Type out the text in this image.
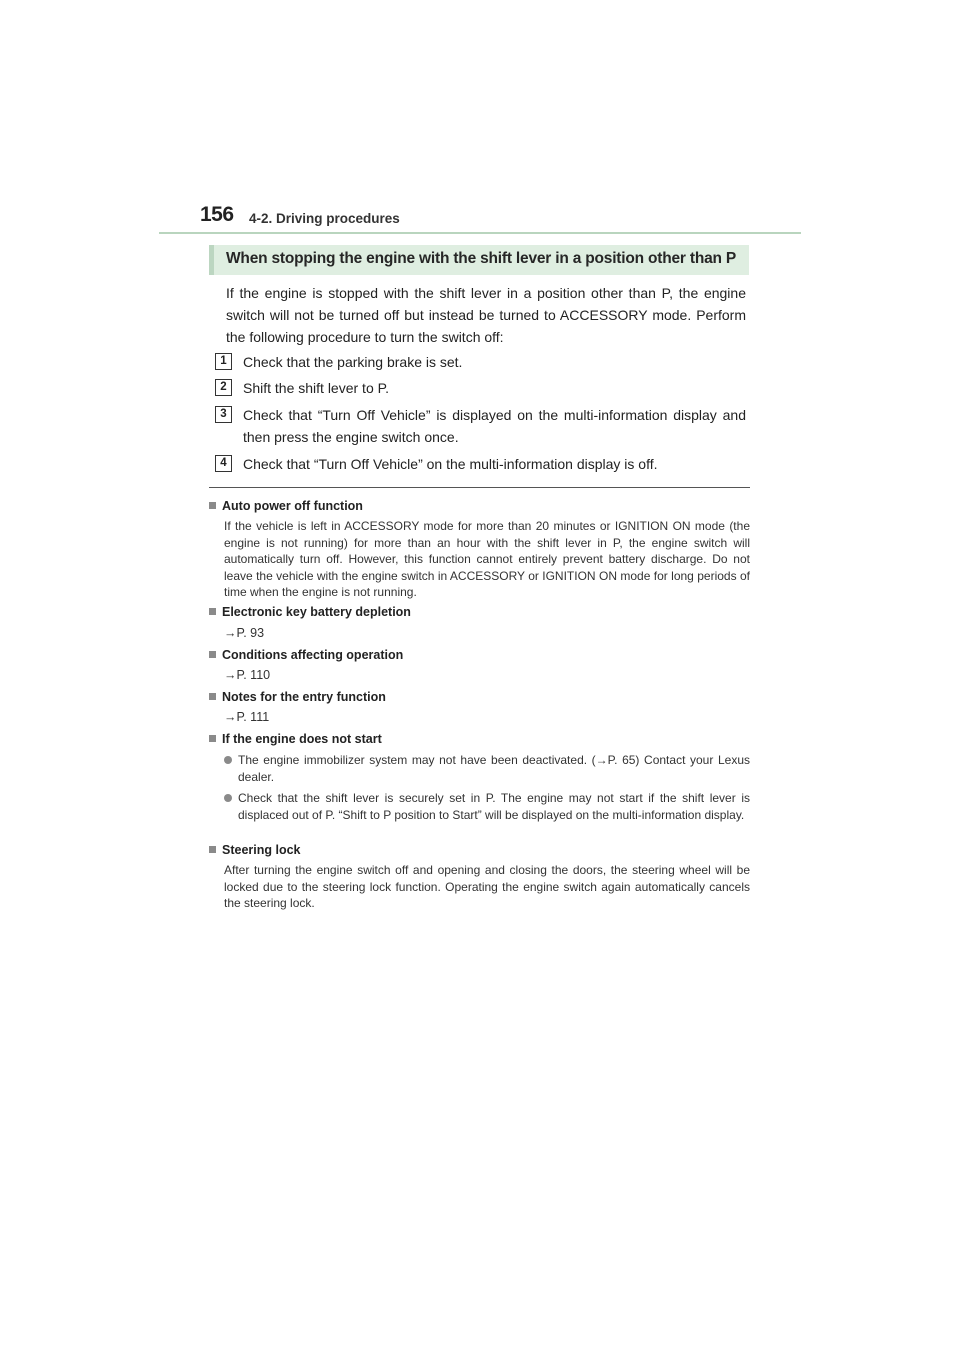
156 4-2. Driving procedures
When stopping the engine with the shift lever in a position other than P

If the engine is stopped with the shift lever in a position other than P, the engine switch will not be turned off but instead be turned to ACCESSORY mode. Perform the following procedure to turn the switch off:

1	Check that the parking brake is set.
2	Shift the shift lever to P.
3	Check that “Turn Off Vehicle” is displayed on the multi-information display and then press the engine switch once.
4	Check that “Turn Off Vehicle” on the multi-information display is off.
Auto power off function

If the vehicle is left in ACCESSORY mode for more than 20 minutes or IGNITION ON mode (the engine is not running) for more than an hour with the shift lever in P, the engine switch will automatically turn off. However, this function cannot entirely prevent battery discharge. Do not leave the vehicle with the engine switch in ACCESSORY or IGNITION ON mode for long periods of time when the engine is not running.

Electronic key battery depletion
→P. 93
Conditions affecting operation
→P. 110
Notes for the entry function
→P. 111
If the engine does not start
The engine immobilizer system may not have been deactivated. (→P. 65) Contact your Lexus dealer.
Check that the shift lever is securely set in P. The engine may not start if the shift lever is displaced out of P. “Shift to P position to Start” will be displayed on the multi-information display.
Steering lock

After turning the engine switch off and opening and closing the doors, the steering wheel will be locked due to the steering lock function. Operating the engine switch again automatically cancels the steering lock.
